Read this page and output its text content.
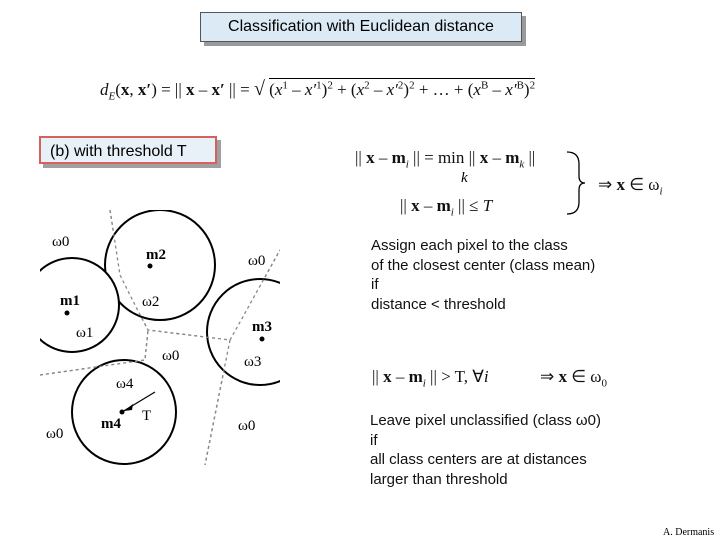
Classification with Euclidean distance
$d_E(x$, x′) = || x – x′ || = √ $(x^1 - x'^1)^2 + (x^2 - x'^2)^2$ + … + $(x^B - x'^B)^2$
(b) with threshold T	|| x – $m_i$ || = min || x – $m_k$ ||
k
|| x – $m_i$ || ≤ T
⇒ x ∈ $\omega_i$
Assign each pixel to the class
of the closest center (class mean)
if
distance < threshold
|| x – $m_i$ || > T, ∀i	⇒ x ∈ $\omega_0$
Leave pixel unclassified (class ω0)
if
all class centers are at distances
larger than threshold
A. Dermanis
ω0
m2	ω0
m1	ω2
ω1	m3
ω0	ω3
ω4
m4 T
ω0	ω0
